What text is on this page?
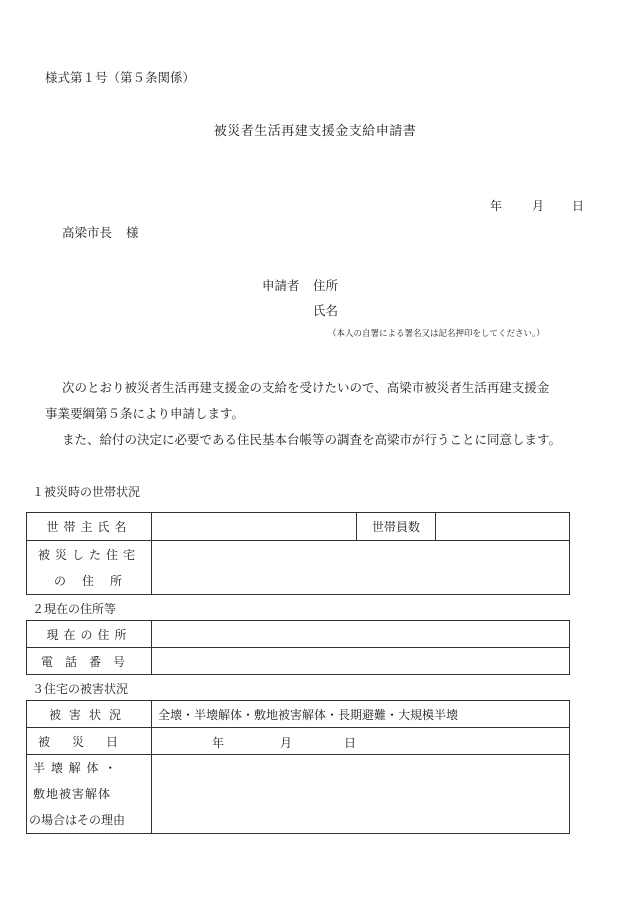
様式第１号（第５条関係）
被災者生活再建支援金支給申請書
年 月 日
高梁市長 様
申請者 住所
氏名
（本人の自署による署名又は記名押印をしてください。）
次のとおり被災者生活再建支援金の支給を受けたいので、高梁市被災者生活再建支援金
事業要綱第５条により申請します。
また、給付の決定に必要である住民基本台帳等の調査を高梁市が行うことに同意します。
１被災時の世帯状況
世帯主氏名		世帯員数	

被災した住宅
の　住　所			

２現在の住所等
現在の住所	
電話番号	
３住宅の被害状況
被害状況	全壊・半壊解体・敷地被害解体・長期避難・大規模半壊
被災日	年 月 日

半 壊 解 体 ・
敷地被害解体
の場合はその理由	
